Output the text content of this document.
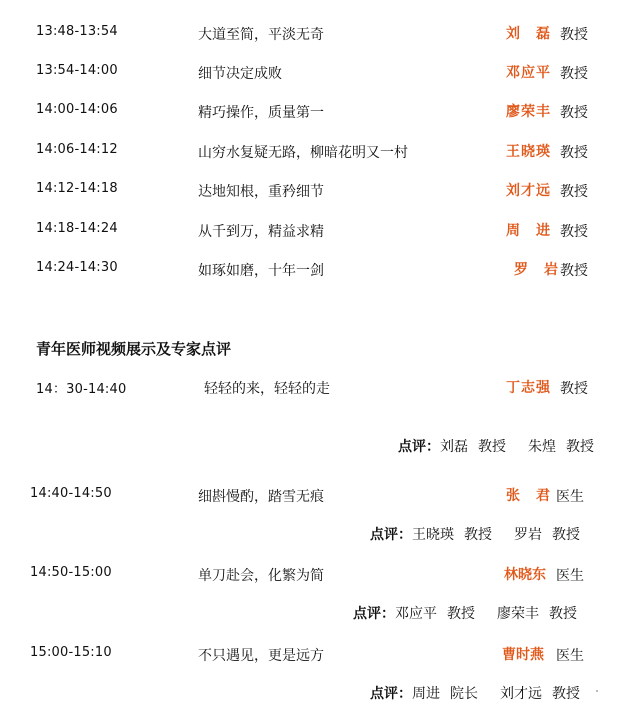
13:48-13:54	大道至简，平淡无奇	刘　磊 教授
13:54-14:00	细节决定成败	邓应平 教授
14:00-14:06	精巧操作，质量第一	廖荣丰 教授
14:06-14:12	山穷水复疑无路，柳暗花明又一村	王晓瑛 教授
14:12-14:18	达地知根，重矜细节	刘才远 教授
14:18-14:24	从千到万，精益求精	周　进 教授
14:24-14:30	如琢如磨，十年一剑	罗　岩 教授
青年医师视频展示及专家点评
14：30-14:40	轻轻的来，轻轻的走	丁志强 教授
点评：刘磊 教授 朱煌 教授
14:40-14:50	细斟慢酌，踏雪无痕	张　君 医生
点评：王晓瑛 教授 罗岩 教授
14:50-15:00	单刀赴会，化繁为简	林晓东 医生
点评：邓应平 教授 廖荣丰 教授
15:00-15:10	不只遇见，更是远方	曹时燕 医生
点评：周进 院长 刘才远 教授
